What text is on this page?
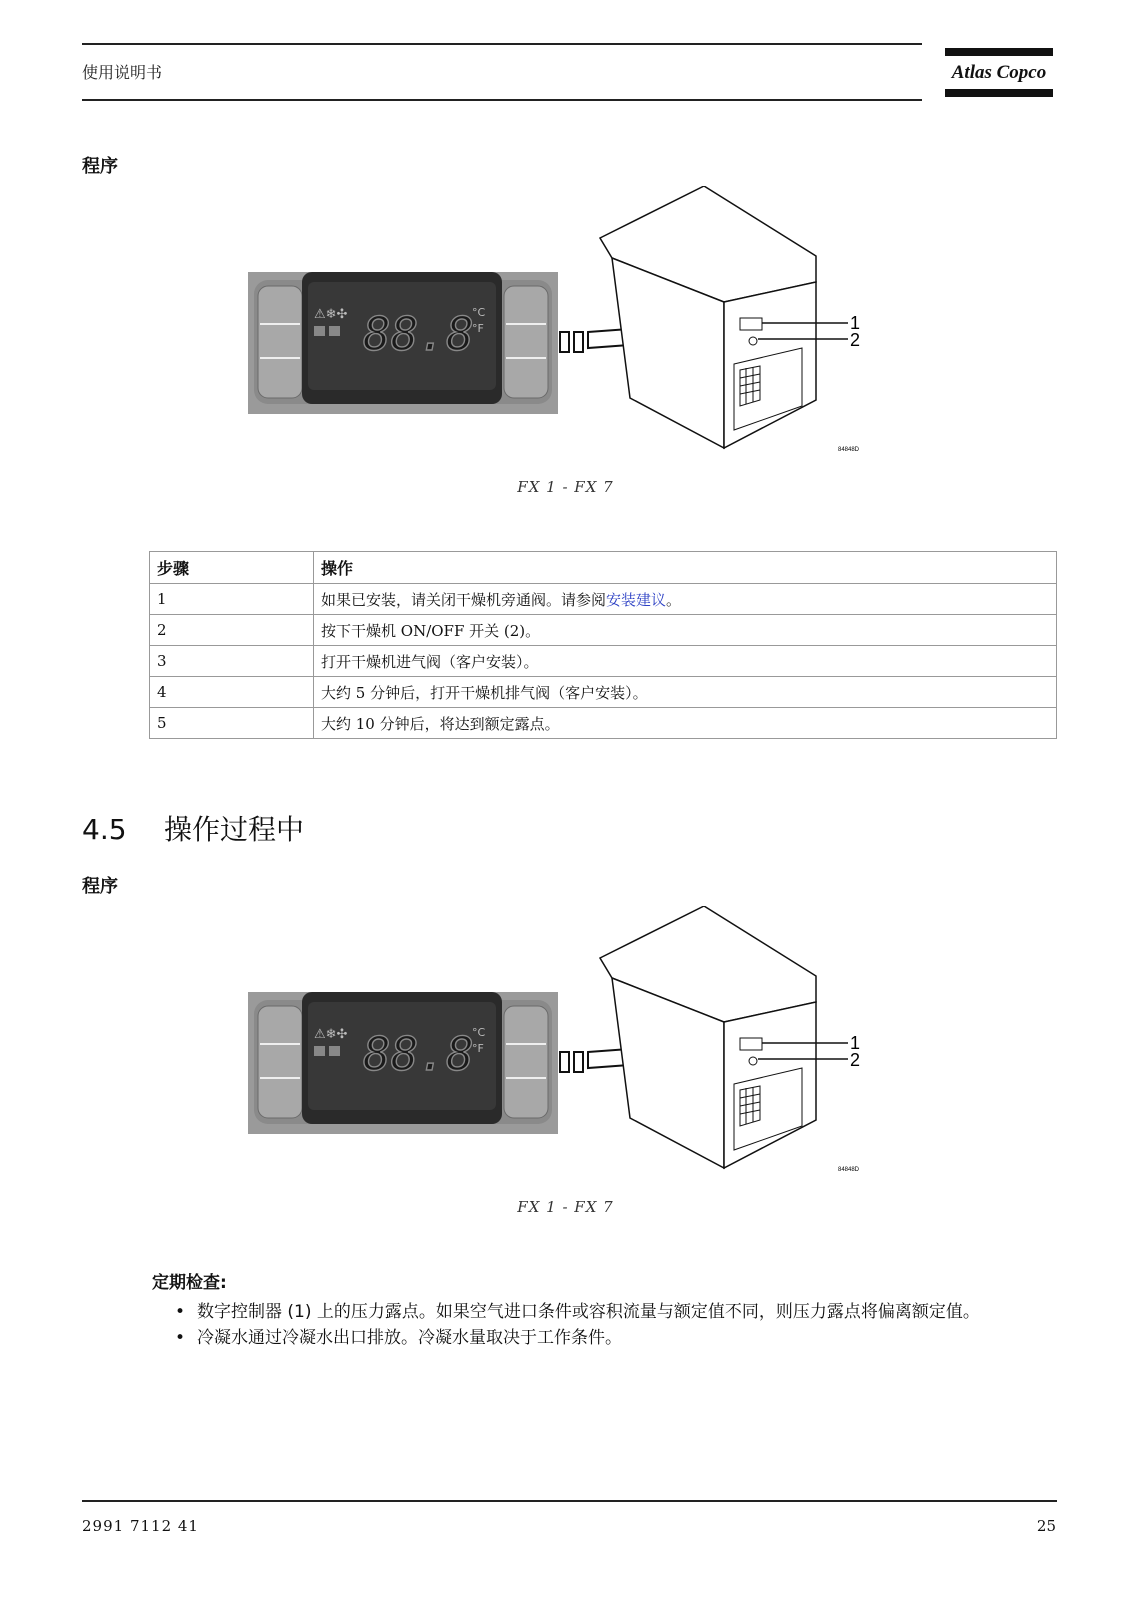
使用说明书	Atlas Copco
程序
⚠❄✣ 88.8
°C
°F	1
2
84848D
FX 1 - FX 7
步骤	操作
1	如果已安装，请关闭干燥机旁通阀。请参阅安装建议。
2	按下干燥机 ON/OFF 开关 (2)。
3	打开干燥机进气阀（客户安装）。
4	大约 5 分钟后，打开干燥机排气阀（客户安装）。
5	大约 10 分钟后，将达到额定露点。
4.5 操作过程中
程序
⚠❄✣ 88.8
°C
°F	1
2
84848D
FX 1 - FX 7
定期检查:
• 数字控制器 (1) 上的压力露点。如果空气进口条件或容积流量与额定值不同，则压力露点将偏离额定值。
• 冷凝水通过冷凝水出口排放。冷凝水量取决于工作条件。
2991 7112 41	25
